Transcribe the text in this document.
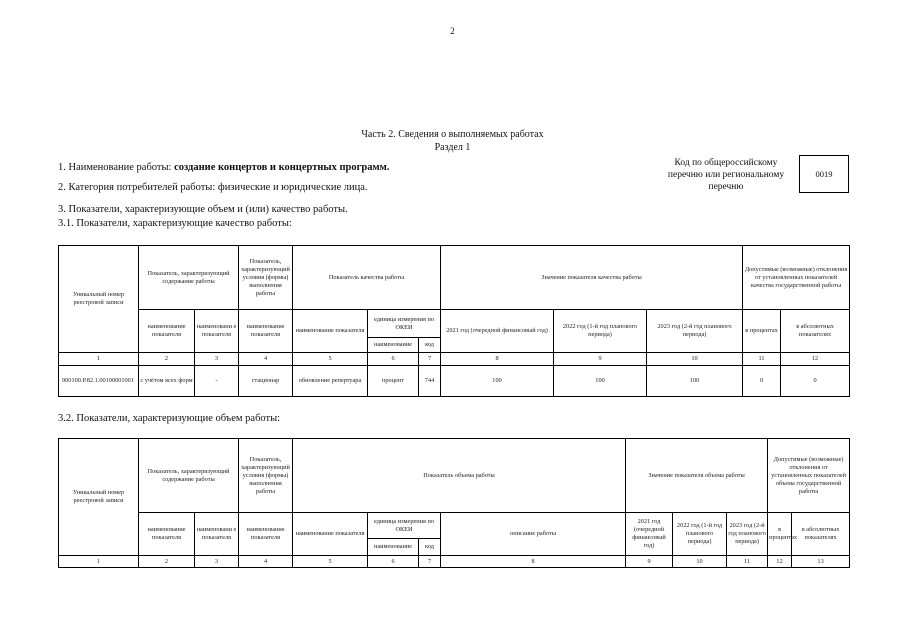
2
Часть 2. Сведения о выполняемых работах
Раздел 1
1. Наименование работы: создание концертов и концертных программ.
2. Категория потребителей работы: физические и юридические лица.
3. Показатели, характеризующие объем и (или) качество работы.
3.1. Показатели, характеризующие качество работы:
3.2. Показатели, характеризующие объем работы:
Код по общероссийскому
перечню или региональному
перечню
0019
Уникальный номер реестровой записи	Показатель, характеризующий содержание работы		Показатель, характеризующий условия (формы) выполнения работы	Показатель качества работы			Значение показателя качества работы			Допустимые (возможные) отклонения от установленных показателей качества государственной работы	
	наименование показателя	наименовани е показателя	наименование показателя	наименование показателя	единица измерения по ОКЕИ		2021 год (очередной финансовый год)	2022 год (1-й год планового периода)	2023 год (2-й год планового периода)	в процентах	в абсолютных показателях
					наименование	код					
1	2	3	4	5	6	7	8	9	10	11	12
900100.Р.82.1.00190001001	с учётом всех форм	-	стационар	обновление репертуара	процент	744	100	100	100	0	0
Уникальный номер реестровой записи	Показатель, характеризующий содержание работы		Показатель, характеризующий условия (формы) выполнения работы	Показатель объема работы				Значение показателя объема работы			Допустимые (возможные) отклонения от установленных показателей объема государственной работы	
	наименование показателя	наименовани е показателя	наименование показателя	наименование показателя	единица измерения по ОКЕИ		описание работы	2021 год (очередной финансовый год)	2022 год (1-й год планового периода)	2023 год (2-й год планового периода)	в процентах	в абсолютных показателях
					наименование	код						
1	2	3	4	5	6	7	8	9	10	11	12	13
